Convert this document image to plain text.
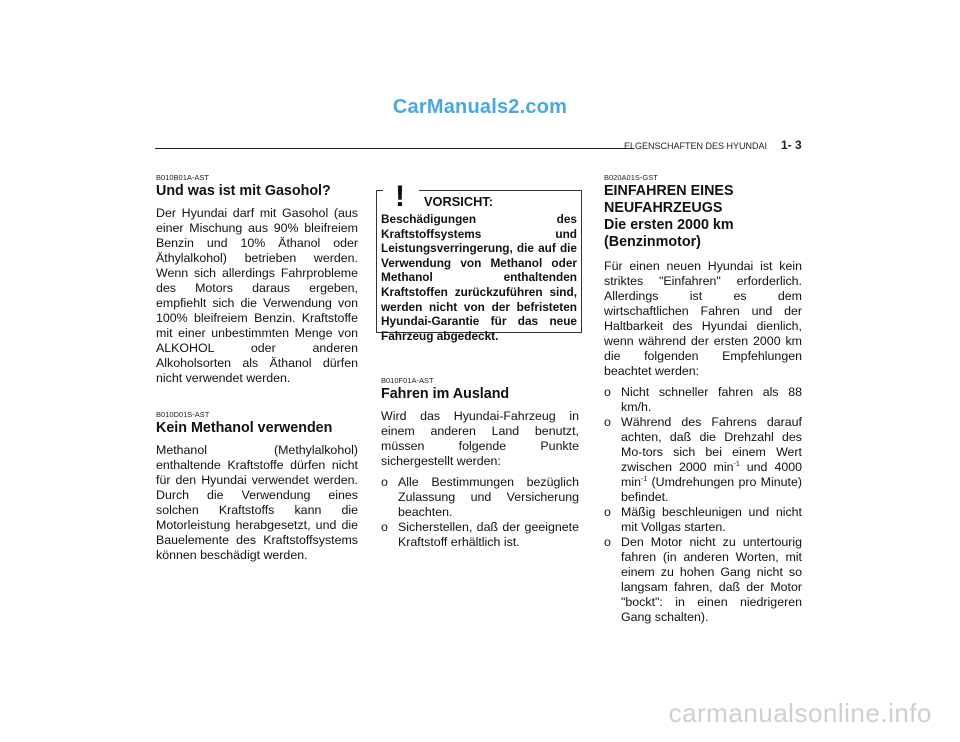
CarManuals2.com
ELGENSCHAFTEN DES HYUNDAI 1- 3
B010B01A-AST
Und was ist mit Gasohol?

Der Hyundai darf mit Gasohol (aus einer Mischung aus 90% bleifreiem Benzin und 10% Äthanol oder Äthylalkohol) betrieben werden. Wenn sich allerdings Fahrprobleme des Motors daraus ergeben, empfiehlt sich die Verwendung von 100% bleifreiem Benzin. Kraftstoffe mit einer unbestimmten Menge von ALKOHOL oder anderen Alkoholsorten als Äthanol dürfen nicht verwendet werden.

B010D01S-AST
Kein Methanol verwenden

Methanol (Methylalkohol) enthaltende Kraftstoffe dürfen nicht für den Hyundai verwendet werden. Durch die Verwendung eines solchen Kraftstoffs kann die Motorleistung herabgesetzt, und die Bauelemente des Kraftstoffsystems können beschädigt werden.

Beschädigungen des Kraftstoffsystems und Leistungsverringerung, die auf die Verwendung von Methanol oder Methanol enthaltenden Kraftstoffen zurückzuführen sind, werden nicht von der befristeten Hyundai-Garantie für das neue Fahrzeug abgedeckt.
! VORSICHT:
B010F01A-AST
Fahren im Ausland

Wird das Hyundai-Fahrzeug in einem anderen Land benutzt, müssen folgende Punkte sichergestellt werden:

o Alle Bestimmungen bezüglich Zulassung und Versicherung beachten.
o Sicherstellen, daß der geeignete Kraftstoff erhältlich ist.
B020A01S-GST
EINFAHREN EINES
NEUFAHRZEUGS
Die ersten 2000 km
(Benzinmotor)

Für einen neuen Hyundai ist kein striktes "Einfahren" erforderlich. Allerdings ist es dem wirtschaftlichen Fahren und der Haltbarkeit des Hyundai dienlich, wenn während der ersten 2000 km die folgenden Empfehlungen beachtet werden:

o Nicht schneller fahren als 88 km/h.
o Während des Fahrens darauf achten, daß die Drehzahl des Mo-tors sich bei einem Wert zwischen 2000 $\min^{-1}$ und 4000 $\min^{-1}$ (Umdrehungen pro Minute) befindet.
o Mäßig beschleunigen und nicht mit Vollgas starten.
o Den Motor nicht zu untertourig fahren (in anderen Worten, mit einem zu hohen Gang nicht so langsam fahren, daß der Motor "bockt": in einen niedrigeren Gang schalten).
carmanualsonline.info
